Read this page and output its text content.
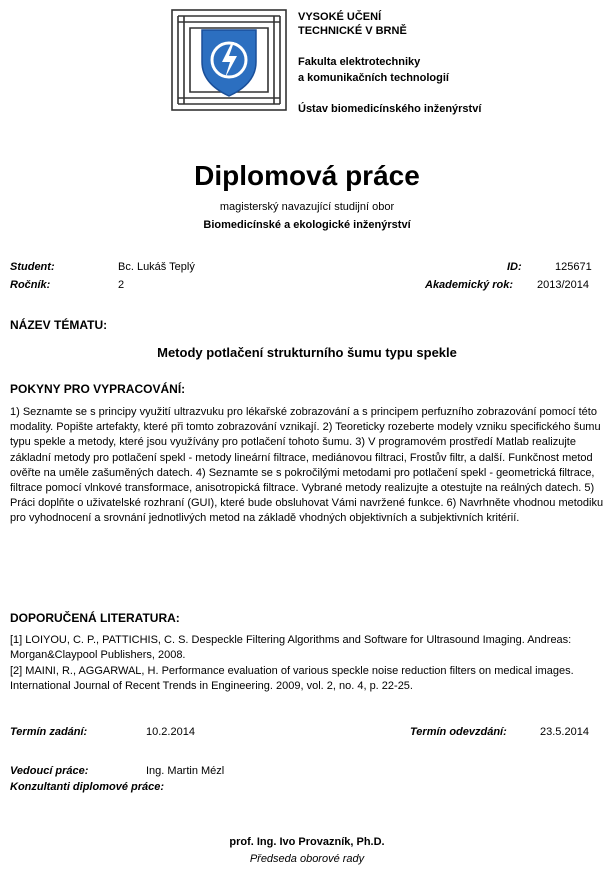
VYSOKÉ UČENÍ
TECHNICKÉ V BRNĚ
Fakulta elektrotechniky
a komunikačních technologií
Ústav biomedicínského inženýrství
Diplomová práce
magisterský navazující studijní obor
Biomedicínské a ekologické inženýrství
Student:	Bc. Lukáš Teplý	ID:	125671
Ročník:	2	Akademický rok: 2013/2014
NÁZEV TÉMATU:
Metody potlačení strukturního šumu typu spekle
POKYNY PRO VYPRACOVÁNÍ:
1) Seznamte se s principy využití ultrazvuku pro lékařské zobrazování a s principem perfuzního zobrazování pomocí této modality. Popište artefakty, které při tomto zobrazování vznikají. 2) Teoreticky rozeberte modely vzniku specifického šumu typu spekle a metody, které jsou využívány pro potlačení tohoto šumu. 3) V programovém prostředí Matlab realizujte základní metody pro potlačení spekl - metody lineární filtrace, mediánovou filtraci, Frostův filtr, a další. Funkčnost metod ověřte na uměle zašuměných datech. 4) Seznamte se s pokročilými metodami pro potlačení spekl - geometrická filtrace, filtrace pomocí vlnkové transformace, anisotropická filtrace. Vybrané metody realizujte a otestujte na reálných datech. 5) Práci doplňte o uživatelské rozhraní (GUI), které bude obsluhovat Vámi navržené funkce. 6) Navrhněte vhodnou metodiku pro vyhodnocení a srovnání jednotlivých metod na základě vhodných objektivních a subjektivních kritérií.
DOPORUČENÁ LITERATURA:
[1] LOIYOU, C. P., PATTICHIS, C. S. Despeckle Filtering Algorithms and Software for Ultrasound Imaging. Andreas: Morgan&Claypool Publishers, 2008.
[2] MAINI, R., AGGARWAL, H. Performance evaluation of various speckle noise reduction filters on medical images. International Journal of Recent Trends in Engineering. 2009, vol. 2, no. 4, p. 22-25.
Termín zadání:	10.2.2014	Termín odevzdání:	23.5.2014
Vedoucí práce:	Ing. Martin Mézl
Konzultanti diplomové práce:
prof. Ing. Ivo Provazník, Ph.D.
Předseda oborové rady
